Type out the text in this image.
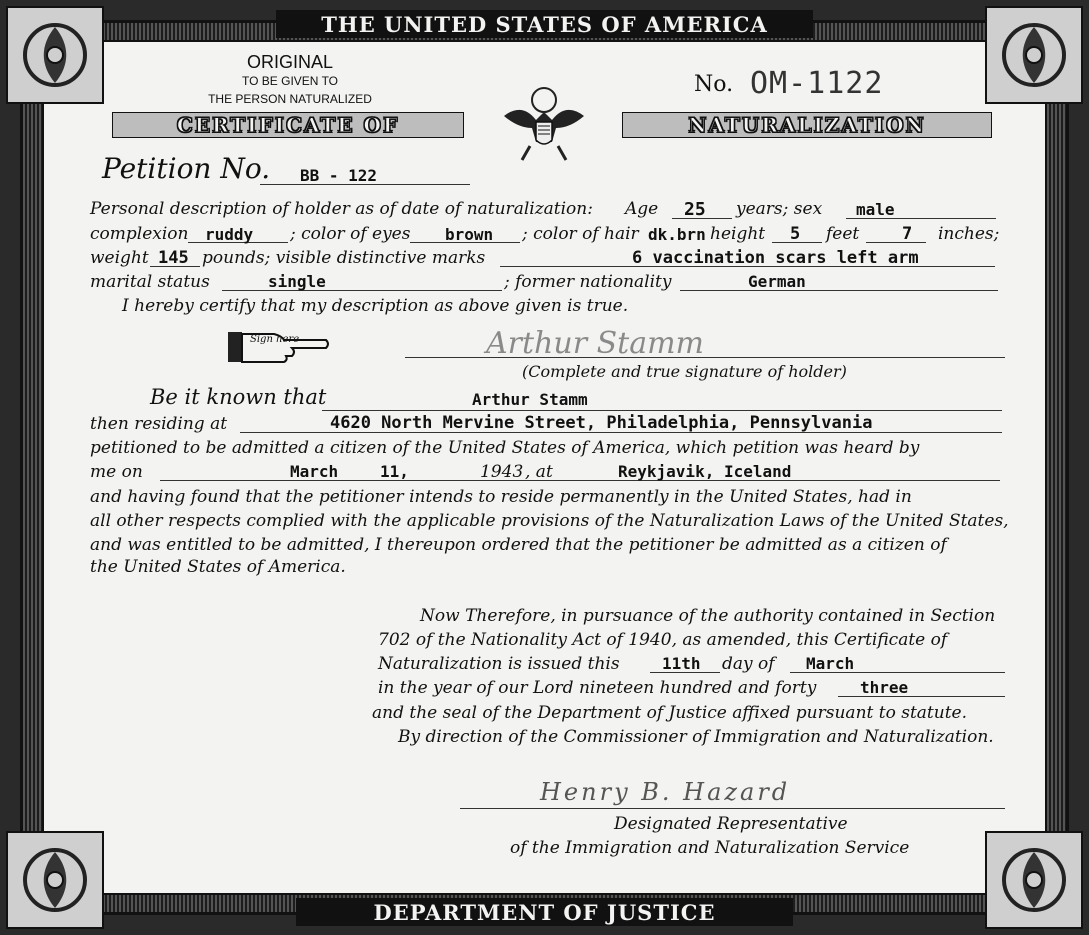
THE UNITED STATES OF AMERICA
DEPARTMENT OF JUSTICE
ORIGINAL
TO BE GIVEN TO
THE PERSON NATURALIZED
CERTIFICATE OF	NATURALIZATION
No. OM-1122
Petition No. BB - 122
Personal description of holder as of date of naturalization: Age 25 years; sex male
complexion ruddy ; color of eyes brown ; color of hair dk.brn height 5 feet	7 inches;
weight 145 pounds; visible distinctive marks	6 vaccination scars left arm
marital status	single	; former nationality	German
I hereby certify that my description as above given is true.
Sign here	Arthur Stamm
(Complete and true signature of holder)
Be it known that	Arthur Stamm
then residing at	4620 North Mervine Street, Philadelphia, Pennsylvania
petitioned to be admitted a citizen of the United States of America, which petition was heard by
me on	March	11,	1943 , at	Reykjavik, Iceland
and having found that the petitioner intends to reside permanently in the United States, had in
all other respects complied with the applicable provisions of the Naturalization Laws of the United States,
and was entitled to be admitted, I thereupon ordered that the petitioner be admitted as a citizen of
the United States of America.
Now Therefore, in pursuance of the authority contained in Section
702 of the Nationality Act of 1940, as amended, this Certificate of
Naturalization is issued this	11th day of March
in the year of our Lord nineteen hundred and forty	three
and the seal of the Department of Justice affixed pursuant to statute.
By direction of the Commissioner of Immigration and Naturalization.
Henry B. Hazard
Designated Representative
of the Immigration and Naturalization Service
